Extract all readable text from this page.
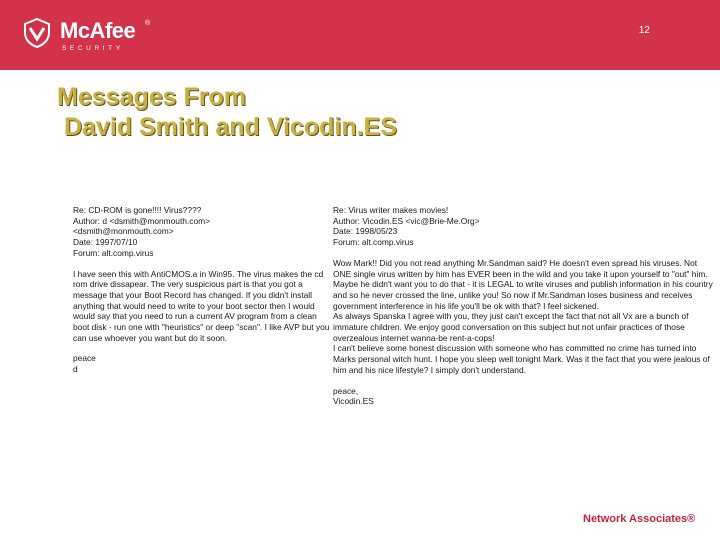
McAfee ®
SECURITY
12
Messages From
David Smith and Vicodin.ES
Re: CD-ROM is gone!!!! Virus????
Author: d <dsmith@monmouth.com>
<dsmith@monmouth.com>
Date: 1997/07/10
Forum: alt.comp.virus

I have seen this with AntiCMOS.a in Win95. The virus makes the cd rom drive dissapear. The very suspicious part is that you got a message that your Boot Record has changed. If you didn't install anything that would need to write to your boot sector then I would would say that you need to run a current AV program from a clean boot disk - run one with "heuristics" or deep "scan". I like AVP but you can use whoever you want but do it soon.

peace

d

Re: Virus writer makes movies!
Author: Vicodin.ES <vic@Brie-Me.Org>
Date: 1998/05/23
Forum: alt.comp.virus

Wow Mark!! Did you not read anything Mr.Sandman said? He doesn't even spread his viruses. Not ONE single virus written by him has EVER been in the wild and you take it upon yourself to "out" him. Maybe he didn't want you to do that - it is LEGAL to write viruses and publish information in his country and so he never crossed the line, unlike you! So now if Mr.Sandman loses business and receives government interference in his life you'll be ok with that? I feel sickened.

As always Spanska I agree with you, they just can't except the fact that not all Vx are a bunch of immature children. We enjoy good conversation on this subject but not unfair practices of those overzealous internet wanna-be rent-a-cops!

I can't believe some honest discussion with someone who has committed no crime has turned into Marks personal witch hunt. I hope you sleep well tonight Mark. Was it the fact that you were jealous of him and his nice lifestyle? I simply don't understand.

peace,

Vicodin.ES

Network Associates®
